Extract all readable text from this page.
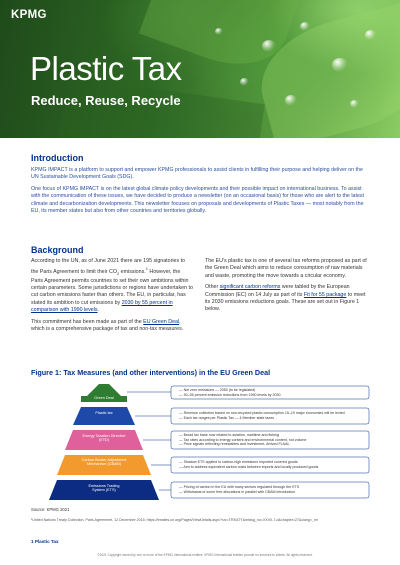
KPMG
Plastic Tax
Reduce, Reuse, Recycle
Introduction
KPMG IMPACT is a platform to support and empower KPMG professionals to assist clients in fulfilling their purpose and helping deliver on the UN Sustainable Development Goals (SDG).
One focus of KPMG IMPACT is on the latest global climate policy developments and their possible impact on international business. To assist with the communication of these issues, we have decided to produce a newsletter (on an occasional basis) for those who are alert to the latest climate and decarbonization developments. This newsletter focuses on proposals and developments of Plastic Taxes — most notably from the EU, its member states but also from other countries and territories globally.
Background

According to the UN, as of June 2021 there are 195 signatories to the Paris Agreement to limit their $CO_2$ emissions.$^1$ However, the Paris Agreement permits countries to set their own ambitions within certain parameters. Some jurisdictions or regions have undertaken to cut carbon emissions faster than others. The EU, in particular, has stated its ambition to cut emissions by 2030 by 55 percent in comparison with 1990 levels.

This commitment has been made as part of the EU Green Deal, which is a comprehensive package of tax and non-tax measures.

The EU's plastic tax is one of several tax reforms proposed as part of the Green Deal which aims to reduce consumption of raw materials and waste, promoting the move towards a circular economy.

Other significant carbon reforms were tabled by the European Commission (EC) on 14 July as part of its Fit for 55 package to meet its 2030 emissions reductions goals. These are set out in Figure 1 below.

Figure 1: Tax Measures (and other interventions) in the EU Green Deal
Green Deal
Plastic tax
Energy Taxation Directive (ETD)
Carbon Border Adjustment Mechanism (CBAM)
Emissions Trading System (ETS)
— Net zero emissions — 2050 (to be legislated)
— 50–55 percent emission reductions from 1990 levels by 2030
— Revenue collection based on non-recycled plastic consumption 15–19 major economies will be levied
— Each tax ranges per Plastic Tax — 4 Member state taxes
— Broad tax base now related to aviation, maritime and fishing
— Tax rates according to energy content and environmental content, not volume
— Price signals reflecting renewables and investment. Arrived FLAAL
— Shadow ETS applied to carbon-high emissions imported covered goods
— Aim to address equivalent carbon costs between imports and locally produced goods
— Pricing of carbon in the EU with many sectors regulated through the ETS
— Withdrawal of some free allocations in parallel with CBAM introduction
Source: KPMG 2021
¹United Nations Treaty Collection, Paris Agreement, 12 December 2015; https://treaties.un.org/Pages/ViewDetails.aspx?src=TREATY&mtdsg_no=XXVII-7-d&chapter=27&clang=_en
1 Plastic Tax
©2021 Copyright owned by one or more of the KPMG International entities. KPMG International entities provide no services to clients. All rights reserved.
